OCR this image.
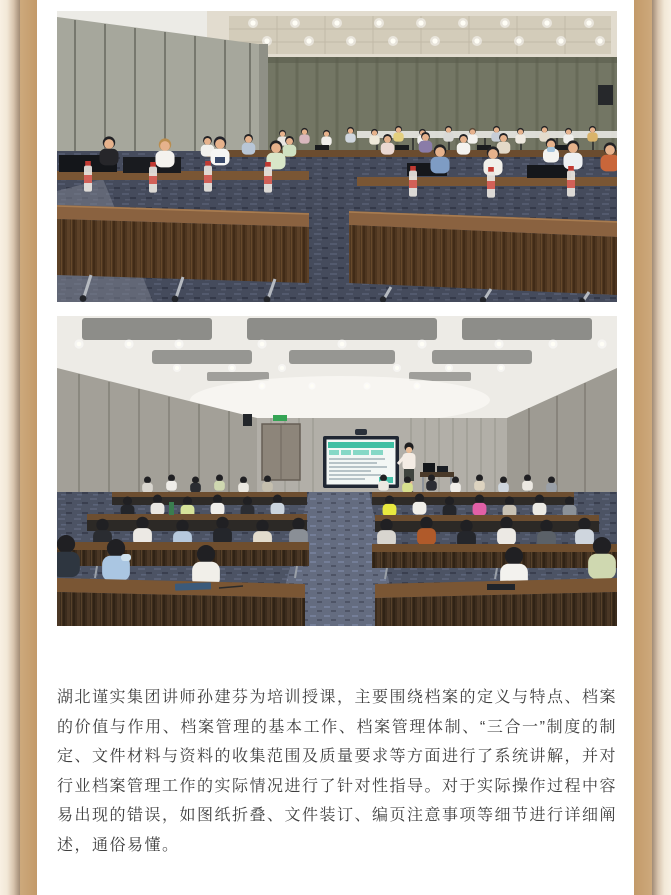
湖北谨实集团讲师孙建芬为培训授课，主要围绕档案的定义与特点、档案的价值与作用、档案管理的基本工作、档案管理体制、“三合一”制度的制定、文件材料与资料的收集范围及质量要求等方面进行了系统讲解，并对行业档案管理工作的实际情况进行了针对性指导。对于实际操作过程中容易出现的错误，如图纸折叠、文件装订、编页注意事项等细节进行详细阐述，通俗易懂。
